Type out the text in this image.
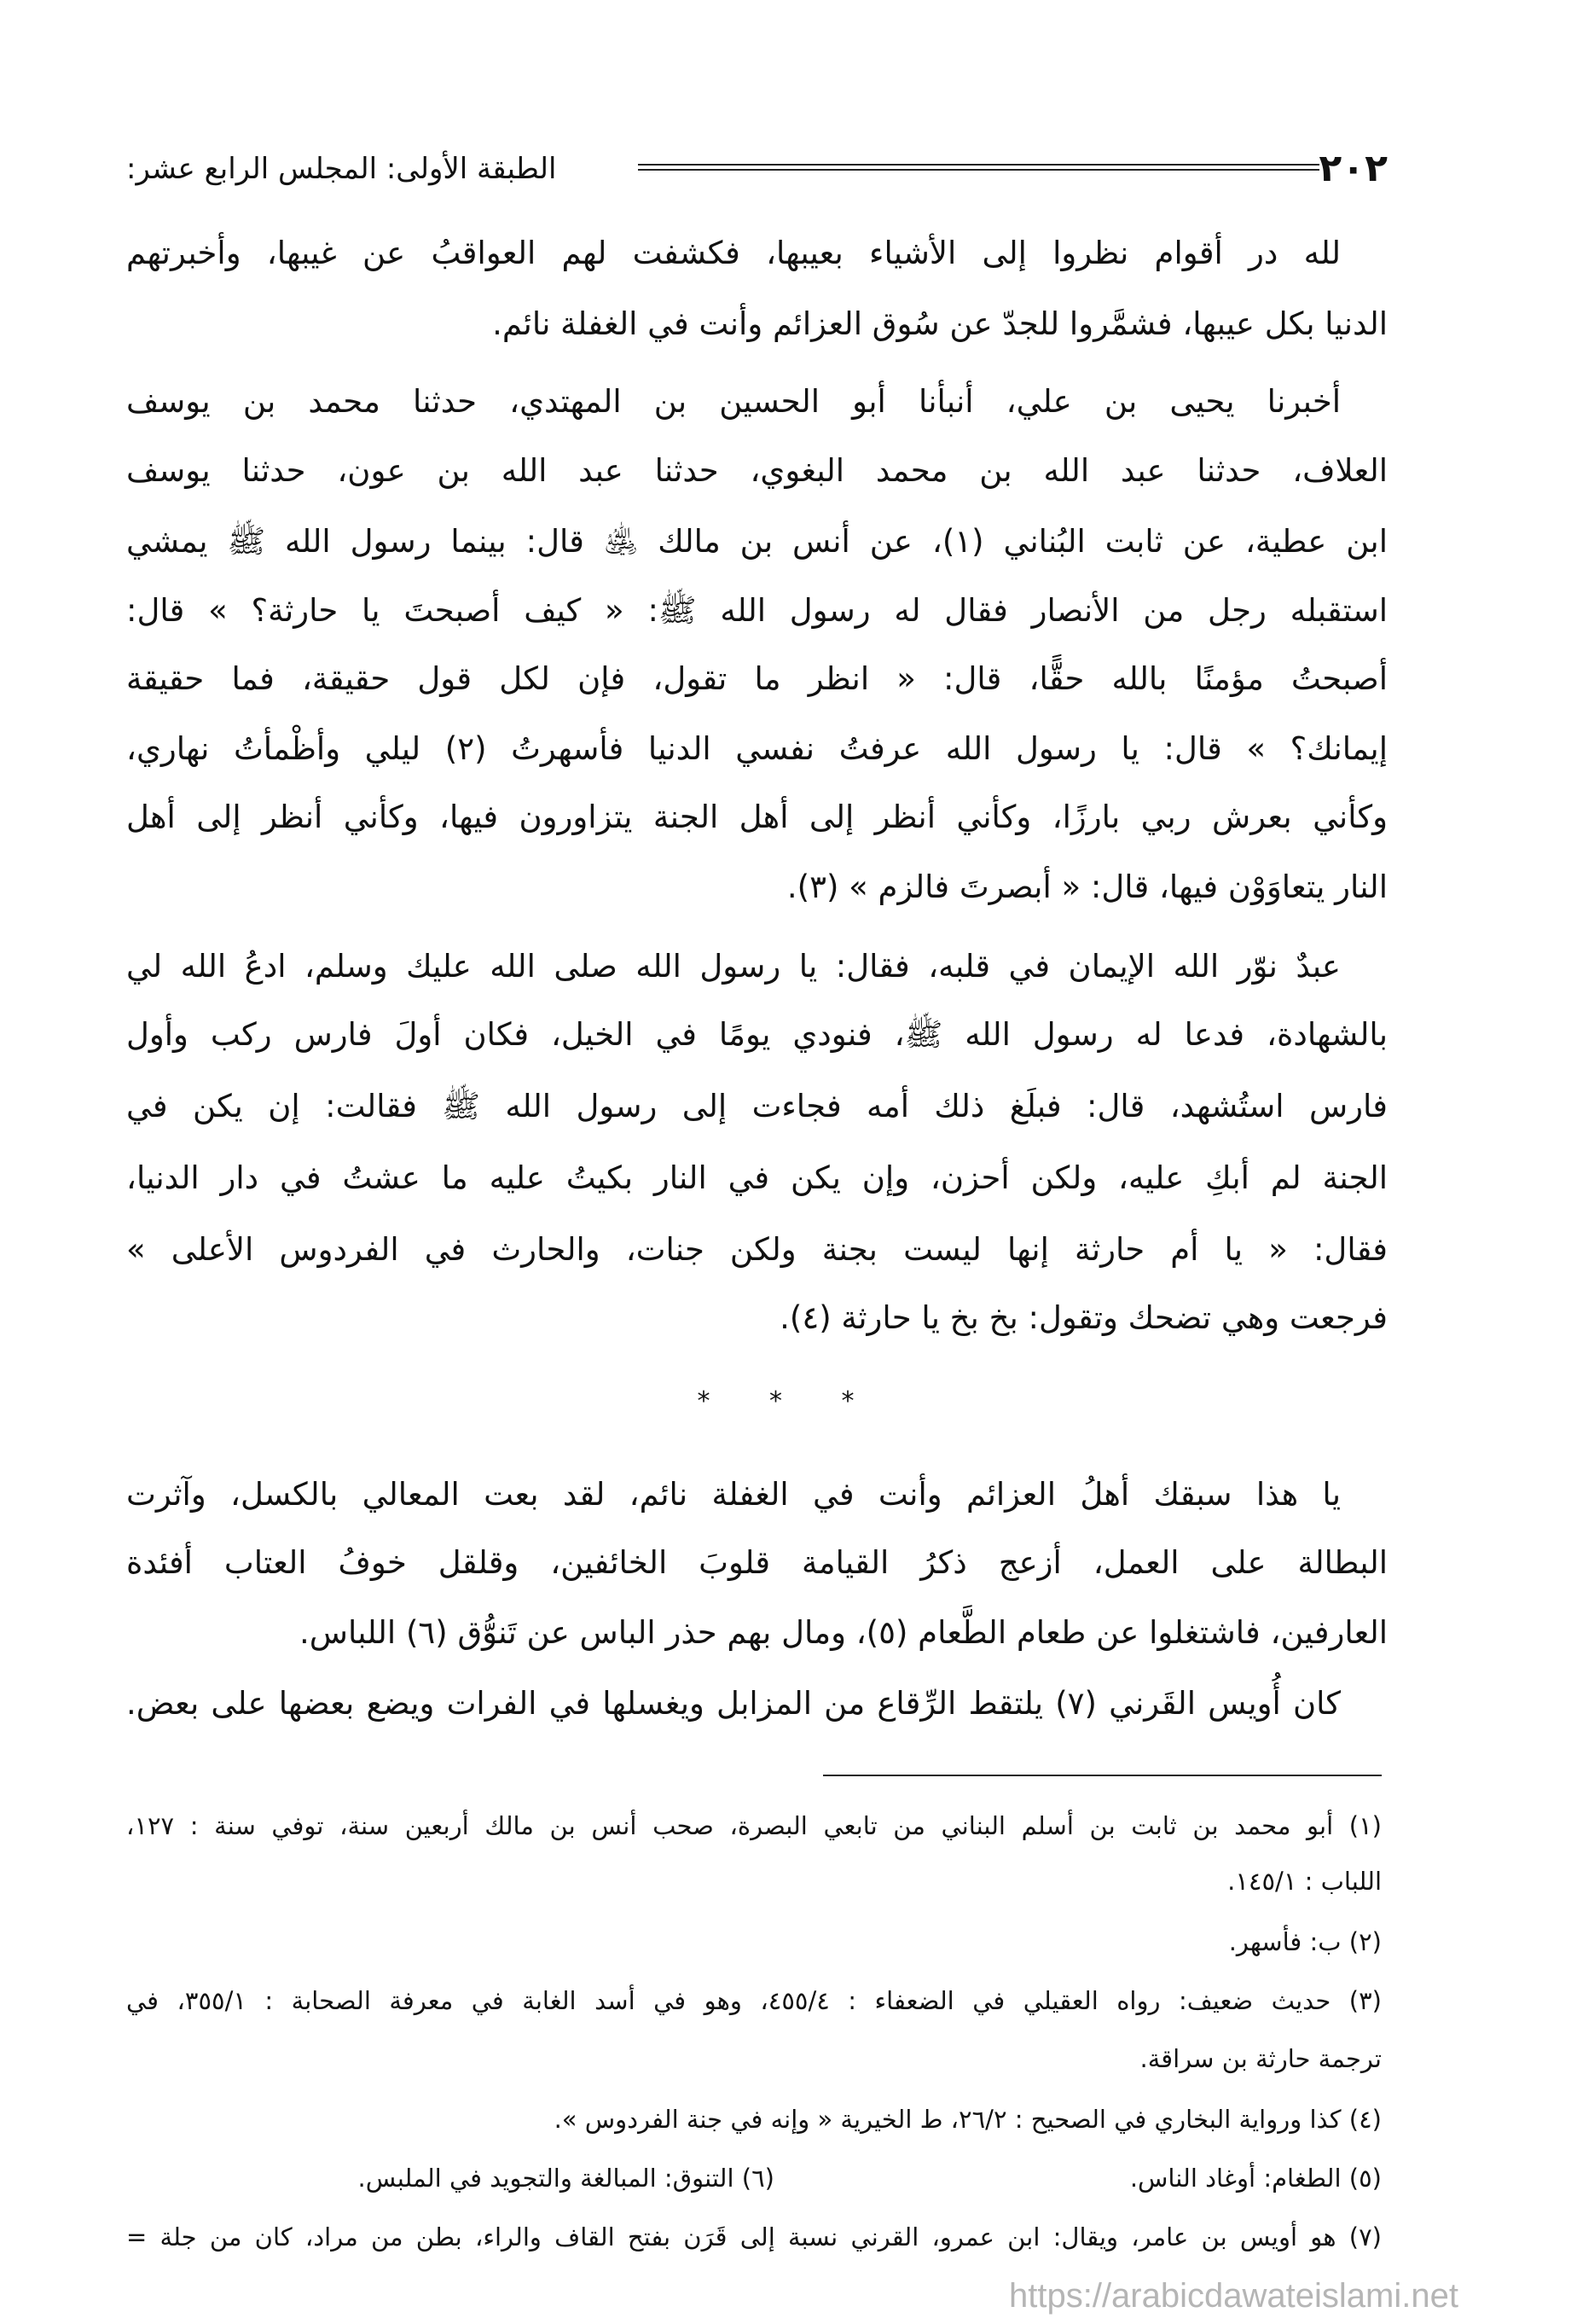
٢٠٢
الطبقة الأولى: المجلس الرابع عشر:
لله در أقوام نظروا إلى الأشياء بعيبها، فكشفت لهم العواقبُ عن غيبها، وأخبرتهم
الدنيا بكل عيبها، فشمَّروا للجدّ عن سُوق العزائم وأنت في الغفلة نائم.
أخبرنا يحيى بن علي، أنبأنا أبو الحسين بن المهتدي، حدثنا محمد بن يوسف
العلاف، حدثنا عبد الله بن محمد البغوي، حدثنا عبد الله بن عون، حدثنا يوسف
ابن عطية، عن ثابت البُناني (١)، عن أنس بن مالك ﵁ قال: بينما رسول الله ﷺ يمشي
استقبله رجل من الأنصار فقال له رسول الله ﷺ: « كيف أصبحتَ يا حارثة؟ » قال:
أصبحتُ مؤمنًا بالله حقًّا، قال: « انظر ما تقول، فإن لكل قول حقيقة، فما حقيقة
إيمانك؟ » قال: يا رسول الله عرفتُ نفسي الدنيا فأسهرتُ (٢) ليلي وأظْمأتُ نهاري،
وكأني بعرش ربي بارزًا، وكأني أنظر إلى أهل الجنة يتزاورون فيها، وكأني أنظر إلى أهل
النار يتعاوَوْن فيها، قال: « أبصرتَ فالزم » (٣).
عبدٌ نوّر الله الإيمان في قلبه، فقال: يا رسول الله صلى الله عليك وسلم، ادعُ الله لي
بالشهادة، فدعا له رسول الله ﷺ، فنودي يومًا في الخيل، فكان أولَ فارس ركب وأول
فارس استُشهد، قال: فبلَغ ذلك أمه فجاءت إلى رسول الله ﷺ فقالت: إن يكن في
الجنة لم أبكِ عليه، ولكن أحزن، وإن يكن في النار بكيتُ عليه ما عشتُ في دار الدنيا،
فقال: « يا أم حارثة إنها ليست بجنة ولكن جنات، والحارث في الفردوس الأعلى »
فرجعت وهي تضحك وتقول: بخ بخ يا حارثة (٤).
* * *
يا هذا سبقك أهلُ العزائم وأنت في الغفلة نائم، لقد بعت المعالي بالكسل، وآثرت
البطالة على العمل، أزعج ذكرُ القيامة قلوبَ الخائفين، وقلقل خوفُ العتاب أفئدة
العارفين، فاشتغلوا عن طعام الطَّعام (٥)، ومال بهم حذر الباس عن تَنوُّق (٦) اللباس.
كان أُويس القَرني (٧) يلتقط الرِّقاع من المزابل ويغسلها في الفرات ويضع بعضها على بعض.
(١) أبو محمد بن ثابت بن أسلم البناني من تابعي البصرة، صحب أنس بن مالك أربعين سنة، توفي سنة : ١٢٧،
اللباب : ١٤٥/١.
(٢) ب: فأسهر.
(٣) حديث ضعيف: رواه العقيلي في الضعفاء : ٤٥٥/٤، وهو في أسد الغابة في معرفة الصحابة : ٣٥٥/١، في
ترجمة حارثة بن سراقة.
(٤) كذا ورواية البخاري في الصحيح : ٢٦/٢، ط الخيرية « وإنه في جنة الفردوس ».
(٥) الطغام: أوغاد الناس.
(٦) التنوق: المبالغة والتجويد في الملبس.
(٧) هو أويس بن عامر، ويقال: ابن عمرو، القرني نسبة إلى قَرَن بفتح القاف والراء، بطن من مراد، كان من جلة =
https://arabicdawateislami.net
